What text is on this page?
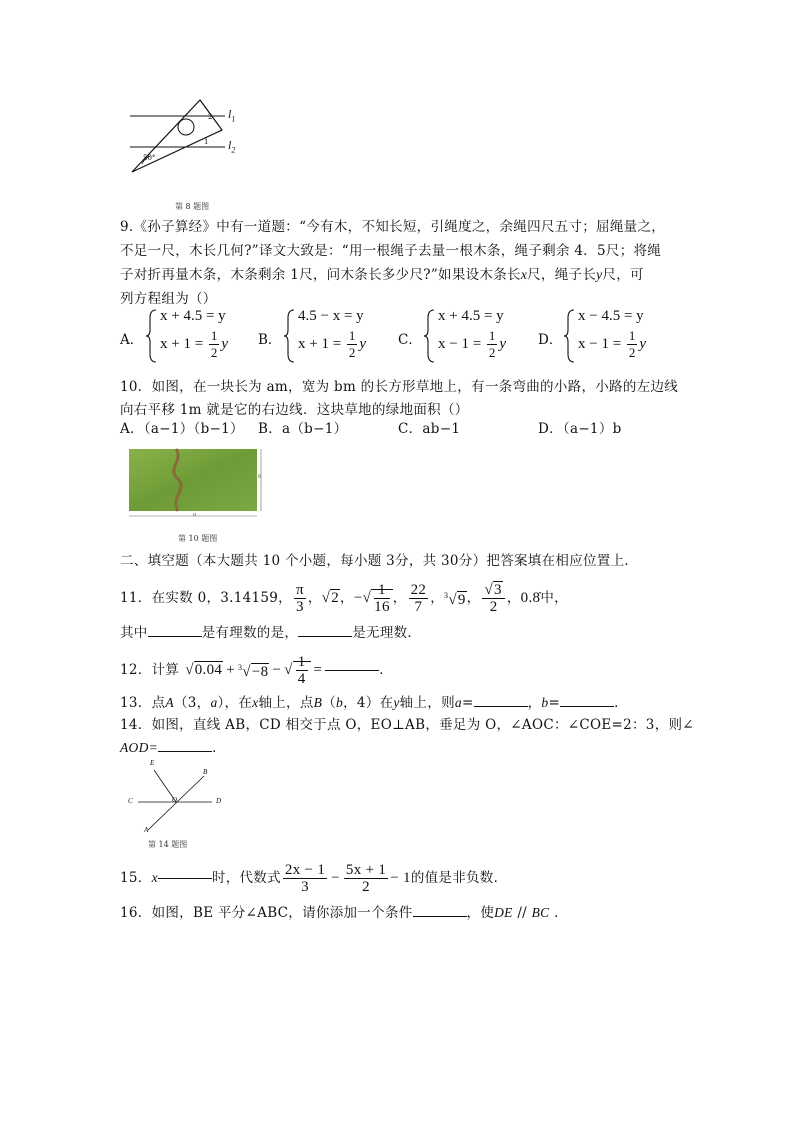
$l_1$
$l_2$
50°
2
1
第 8 题图
9.《孙子算经》中有一道题：“今有木，不知长短，引绳度之，余绳四尺五寸；屈绳量之，
不足一尺，木长几何?”译文大致是：“用一根绳子去量一根木条，绳子剩余 4．5尺；将绳
子对折再量木条，木条剩余 1尺，问木条长多少尺?”如果设木条长x尺，绳子长y尺，可
列方程组为（）
A．
x + 4.5 = y
$x + 1 = \frac{1}{2}$ y B．
4.5 − x = y
$x + 1 = \frac{1}{2}$ y C．
x + 4.5 = y
$x - 1 = \frac{1}{2}$ y D．
x − 4.5 = y
$x - 1 = \frac{1}{2}$ y
10．如图，在一块长为 am，宽为 bm 的长方形草地上，有一条弯曲的小路，小路的左边线
向右平移 1m 就是它的右边线．这块草地的绿地面积（）
A．（a−1）（b−1） B．a（b−1）	C．ab−1	D．（a−1）b
b
a
第 10 题图
二、填空题（本大题共 10 个小题，每小题 3分，共 30分）把答案填在相应位置上．
11．在实数 0，3.14159， $\frac{\pi}{3}$ ， √2 ， − √ $\frac{1}{16}$ ， $\frac{22}{7}$ ， $^3$√9 ， $\frac{√3}{2}$ ， 0.8̇ 中，
其中	是有理数的是，	是无理数．
12．计算 √0.04 + $^3$√−8 − √ $\frac{1}{4}$ =	．
13．点A（3，a），在x轴上，点B（b，4）在y轴上，则a=	，b=	．
14．如图，直线 AB，CD 相交于点 O，EO⊥AB，垂足为 O，∠AOC：∠COE=2：3，则∠
AOD=	．
E
B
C	D
O
A
第 14 题图
15． x	时，代数式 $\frac{2x - 1}{3} - \frac{5x + 1}{2} - 1$ 的值是非负数．
16．如图，BE 平分∠ABC，请你添加一个条件	，使DE // BC ．
